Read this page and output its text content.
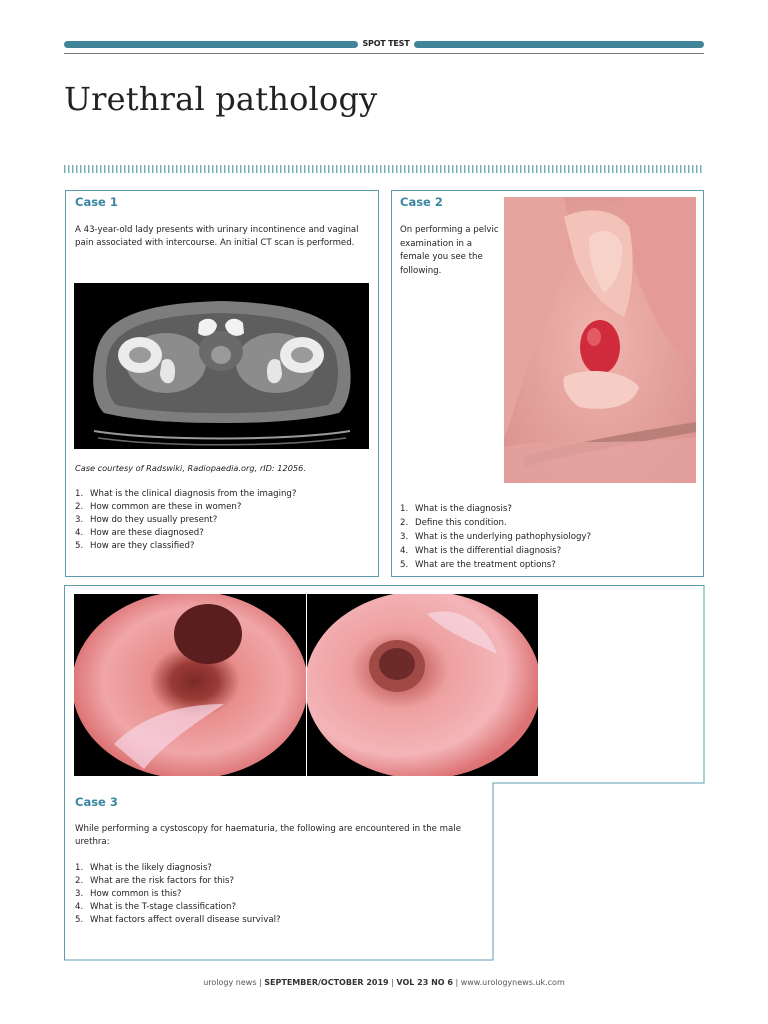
SPOT TEST
Urethral pathology
Case 1
A 43-year-old lady presents with urinary incontinence and vaginal pain associated with intercourse. An initial CT scan is performed.
Case courtesy of Radswiki, Radiopaedia.org, rID: 12056.
1. What is the clinical diagnosis from the imaging?
2. How common are these in women?
3. How do they usually present?
4. How are these diagnosed?
5. How are they classified?
Case 2
On performing a pelvic examination in a female you see the following.
1. What is the diagnosis?
2. Define this condition.
3. What is the underlying pathophysiology?
4. What is the differential diagnosis?
5. What are the treatment options?
Case 3
While performing a cystoscopy for haematuria, the following are encountered in the male urethra:
1. What is the likely diagnosis?
2. What are the risk factors for this?
3. How common is this?
4. What is the T-stage classification?
5. What factors affect overall disease survival?
urology news | SEPTEMBER/OCTOBER 2019 | VOL 23 NO 6 | www.urologynews.uk.com
